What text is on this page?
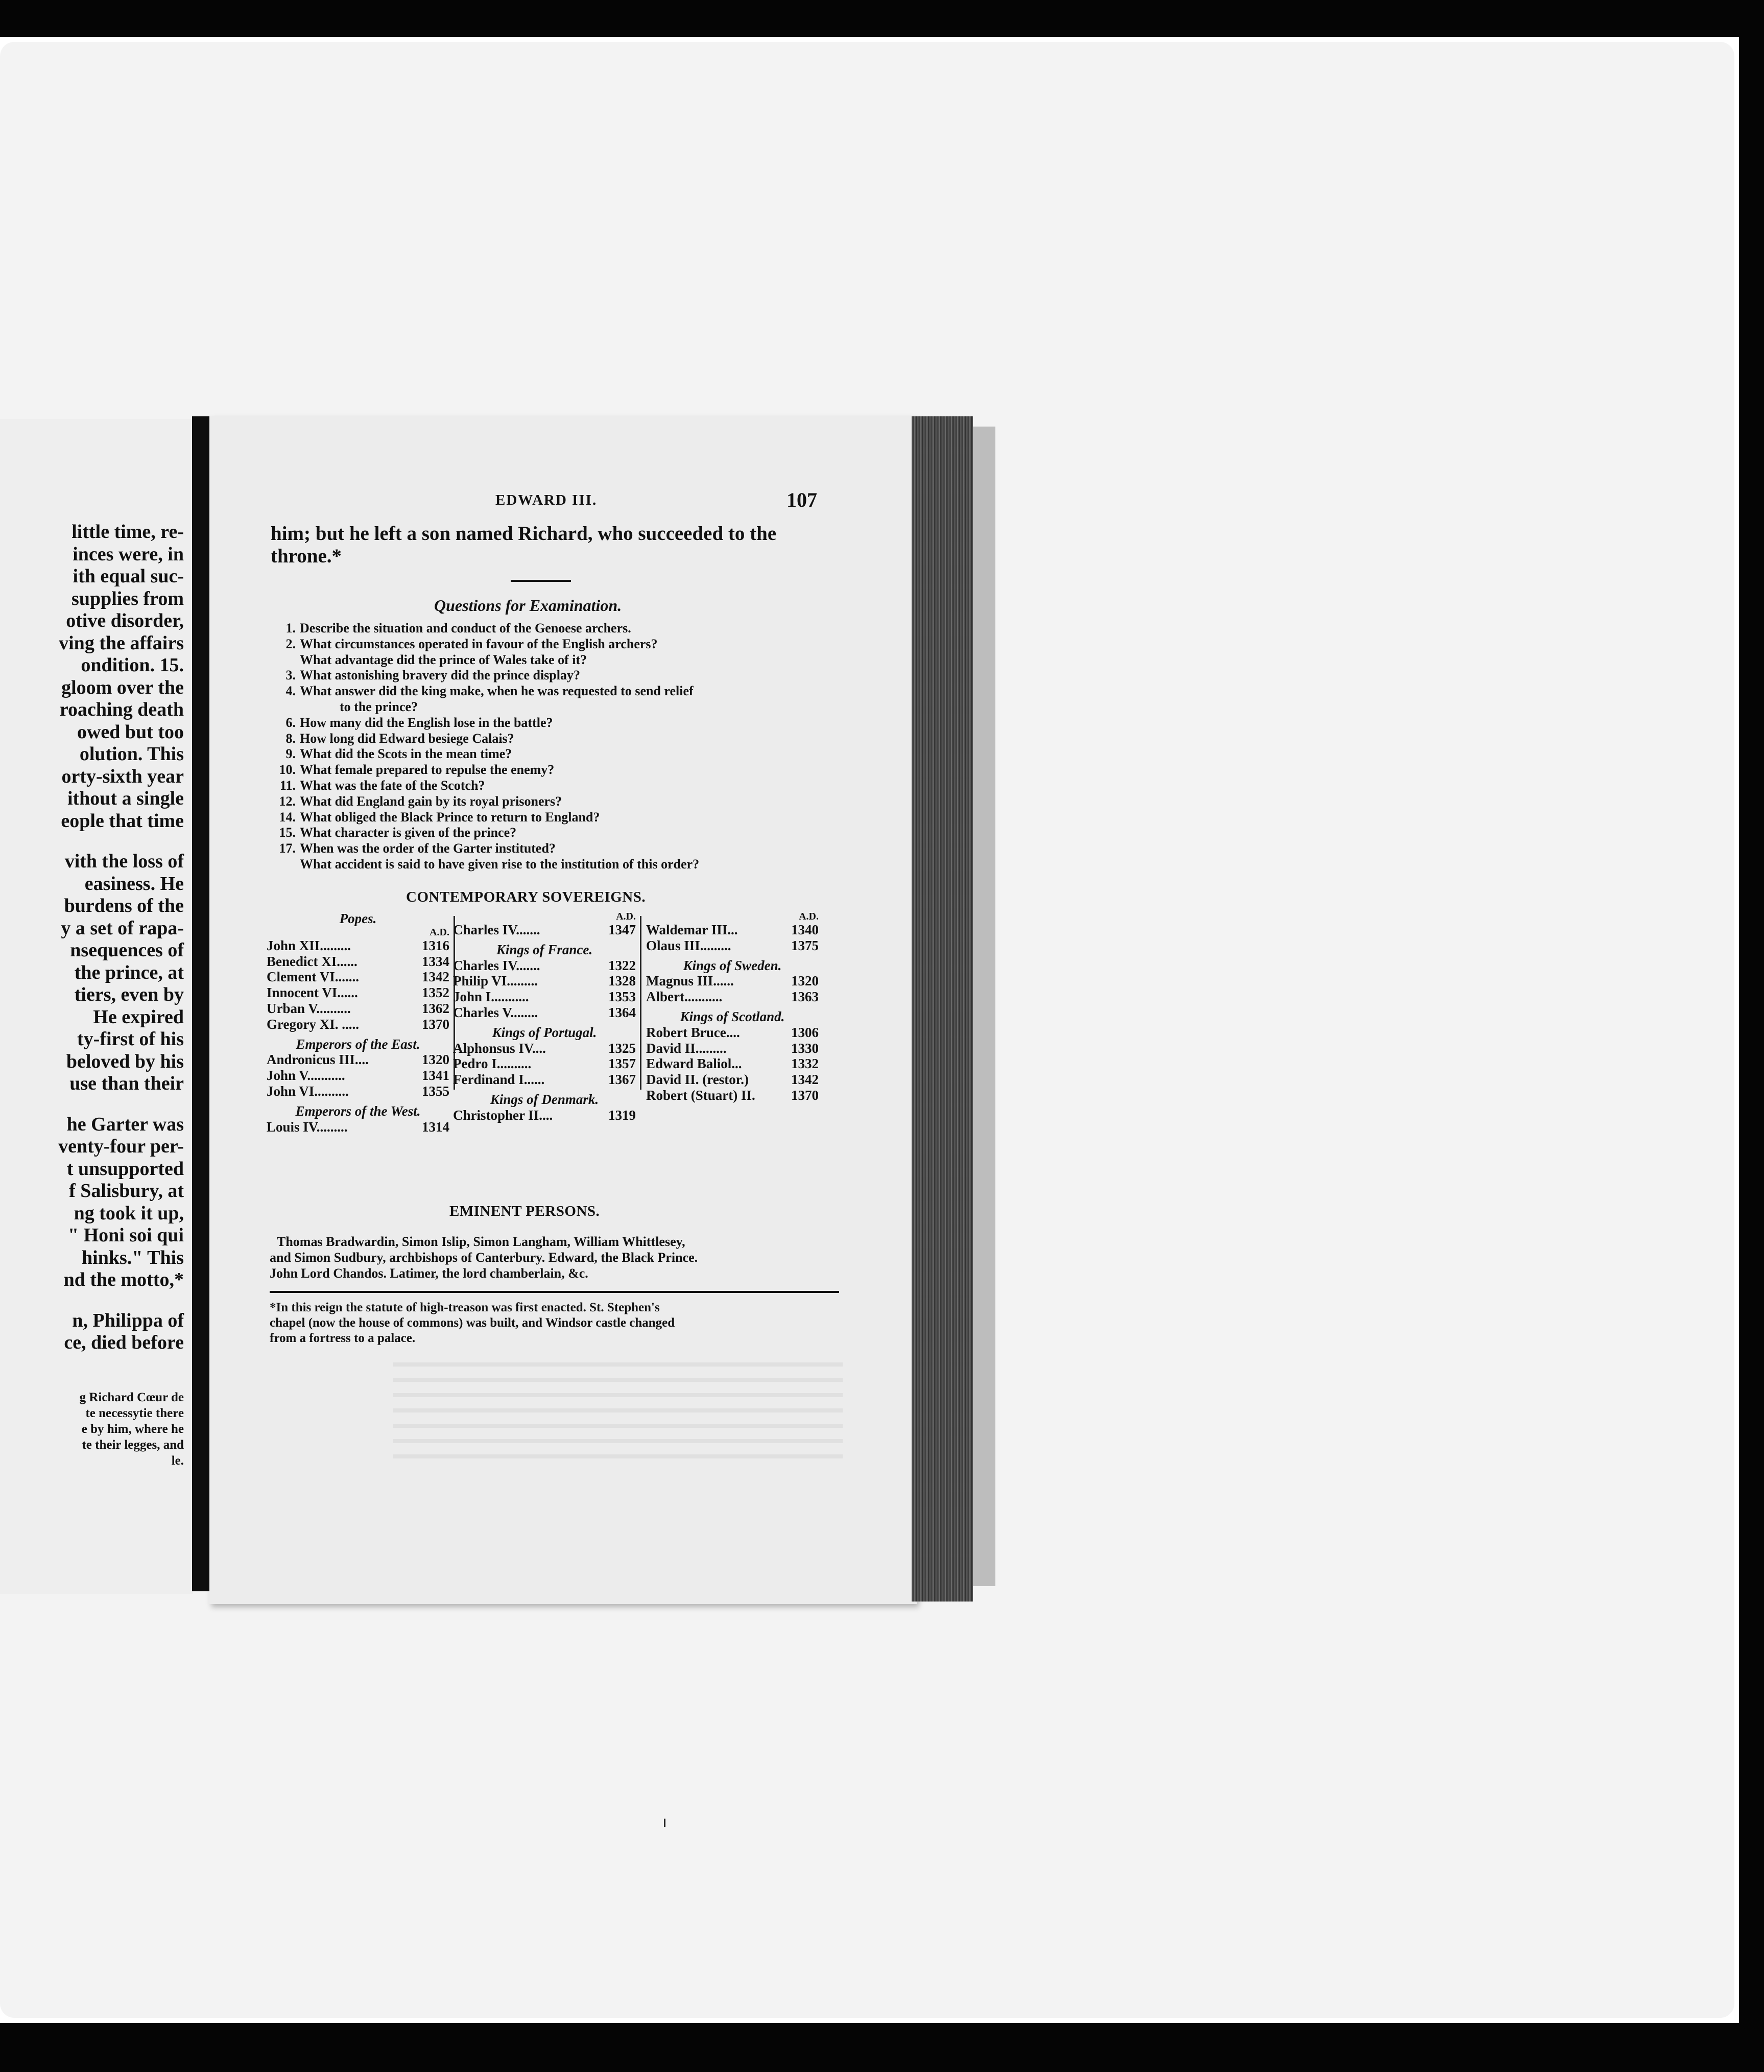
little time, re-
inces were, in
ith equal suc-
supplies from
otive disorder,
ving the affairs
ondition. 15.
gloom over the
roaching death
owed but too
olution. This
orty-sixth year
ithout a single
eople that time
vith the loss of
easiness. He
burdens of the
y a set of rapa-
nsequences of
the prince, at
tiers, even by
He expired
ty-first of his
beloved by his
use than their
he Garter was
venty-four per-
t unsupported
f Salisbury, at
ng took it up,
" Honi soi qui
hinks." This
nd the motto,*
n, Philippa of
ce, died before
g Richard Cœur de
te necessytie there
e by him, where he
te their legges, and
le.
EDWARD III.	107
him; but he left a son named Richard, who succeeded to the
throne.*
Questions for Examination.
1. Describe the situation and conduct of the Genoese archers.
2. What circumstances operated in favour of the English archers?
What advantage did the prince of Wales take of it?
3. What astonishing bravery did the prince display?
4. What answer did the king make, when he was requested to send relief
to the prince?
6. How many did the English lose in the battle?
8. How long did Edward besiege Calais?
9. What did the Scots in the mean time?
10. What female prepared to repulse the enemy?
11. What was the fate of the Scotch?
12. What did England gain by its royal prisoners?
14. What obliged the Black Prince to return to England?
15. What character is given of the prince?
17. When was the order of the Garter instituted?
What accident is said to have given rise to the institution of this order?
CONTEMPORARY SOVEREIGNS.
Popes.
A.D.
John XII.........	1316
Benedict XI......	1334
Clement VI.......	1342
Innocent VI......	1352
Urban V..........	1362
Gregory XI. .....	1370
Emperors of the East.
Andronicus III....	1320
John V...........	1341
John VI..........	1355
Emperors of the West.
Louis IV.........	1314
A.D.
Charles IV.......	1347
Kings of France.
Charles IV.......	1322
Philip VI.........	1328
John I...........	1353
Charles V........	1364
Kings of Portugal.
Alphonsus IV....	1325
Pedro I..........	1357
Ferdinand I......	1367
Kings of Denmark.
Christopher II....	1319
A.D.
Waldemar III...	1340
Olaus III.........	1375
Kings of Sweden.
Magnus III......	1320
Albert...........	1363
Kings of Scotland.
Robert Bruce....	1306
David II.........	1330
Edward Baliol...	1332
David II. (restor.)	1342
Robert (Stuart) II.	1370
EMINENT PERSONS.

Thomas Bradwardin, Simon Islip, Simon Langham, William Whittlesey,

and Simon Sudbury, archbishops of Canterbury. Edward, the Black Prince.

John Lord Chandos. Latimer, the lord chamberlain, &c.

*In this reign the statute of high-treason was first enacted. St. Stephen's
chapel (now the house of commons) was built, and Windsor castle changed
from a fortress to a palace.
